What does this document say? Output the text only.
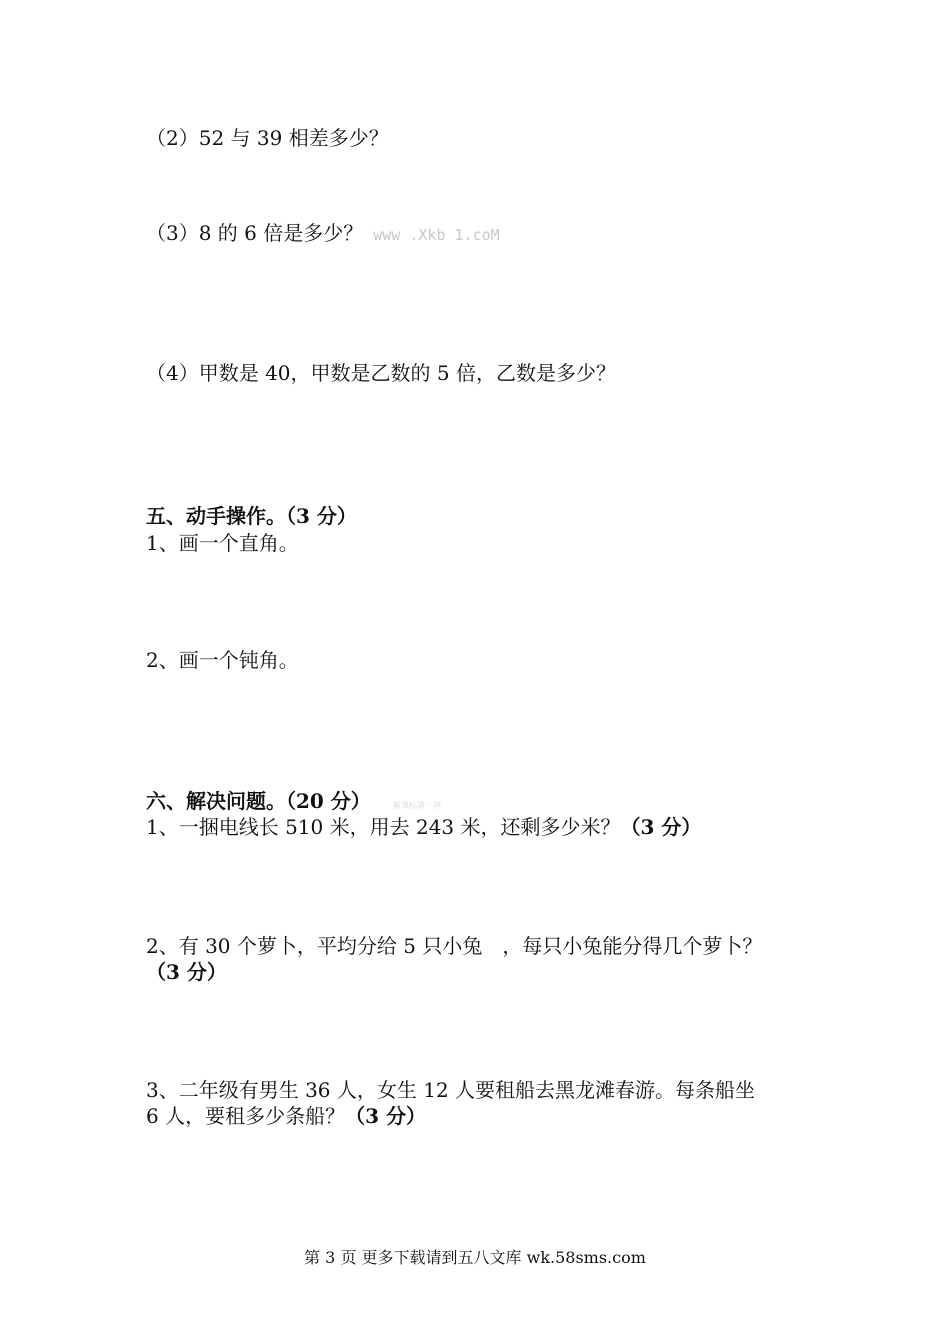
（2）52 与 39 相差多少？
（3）8 的 6 倍是多少？ www .Xkb 1.coM
（4）甲数是 40，甲数是乙数的 5 倍，乙数是多少？
五、动手操作。（3 分）
1、画一个直角。
2、画一个钝角。
六、解决问题。（20 分）	新课标第一网
1、一捆电线长 510 米，用去 243 米，还剩多少米？（3 分）
2、有 30 个萝卜，平均分给 5 只小兔　，每只小兔能分得几个萝卜？
（3 分）
3、二年级有男生 36 人，女生 12 人要租船去黑龙滩春游。每条船坐
6 人，要租多少条船？（3 分）
第 3 页 更多下载请到五八文库 wk.58sms.com
